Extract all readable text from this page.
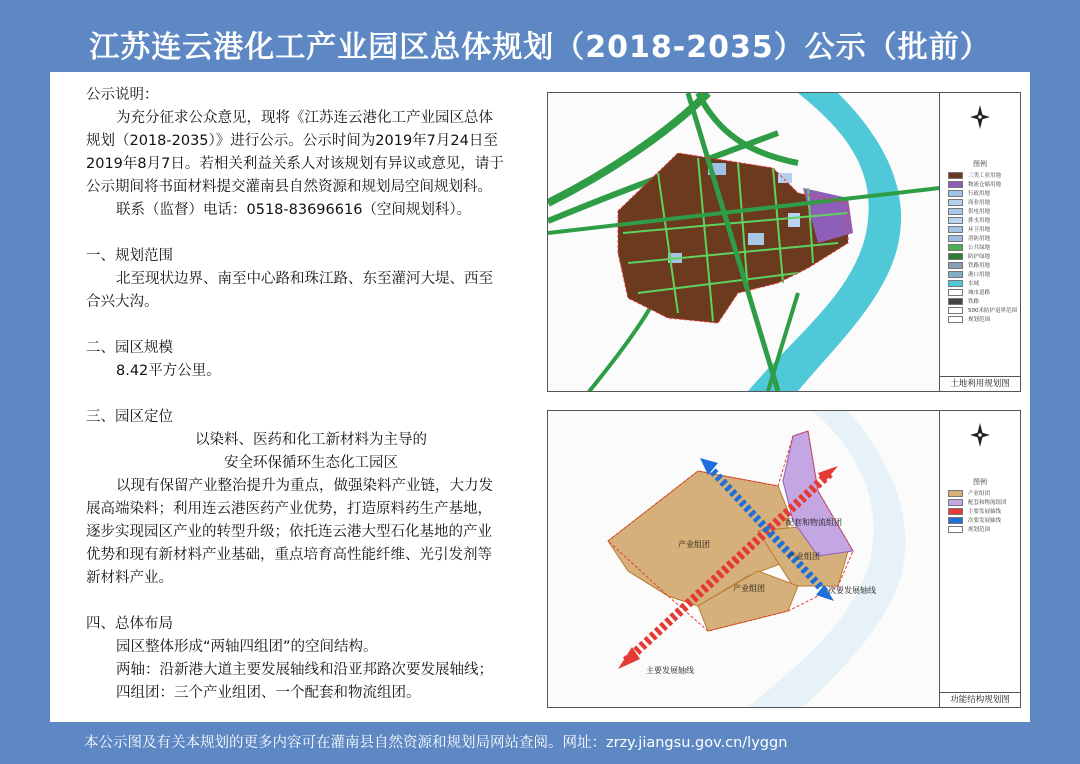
江苏连云港化工产业园区总体规划（2018-2035）公示（批前）

公示说明：

为充分征求公众意见，现将《江苏连云港化工产业园区总体

规划（2018-2035）》进行公示。公示时间为2019年7月24日至

2019年8月7日。若相关利益关系人对该规划有异议或意见，请于

公示期间将书面材料提交灌南县自然资源和规划局空间规划科。

联系（监督）电话：0518-83696616（空间规划科）。

一、规划范围

北至现状边界、南至中心路和珠江路、东至灌河大堤、西至

合兴大沟。

二、园区规模

8.42平方公里。

三、园区定位

以染料、医药和化工新材料为主导的

安全环保循环生态化工园区

以现有保留产业整治提升为重点，做强染料产业链，大力发

展高端染料；利用连云港医药产业优势，打造原料药生产基地，

逐步实现园区产业的转型升级；依托连云港大型石化基地的产业

优势和现有新材料产业基础，重点培育高性能纤维、光引发剂等

新材料产业。

四、总体布局

园区整体形成“两轴四组团”的空间结构。

两轴：沿新港大道主要发展轴线和沿亚邦路次要发展轴线；

四组团：三个产业组团、一个配套和物流组团。

图例
三类工业用地
物流仓储用地
行政用地
商业用地
供电用地
排水用地
环卫用地
消防用地
公共绿地
防护绿地
铁路用地
港口用地
水域
城市道路
铁路
500米防护退界范围
规划范围
土地利用规划图
产业组团
产业组团
产业组团
配套和物流组团
次要发展轴线
主要发展轴线
图例
产业组团
配套和物流组团
主要发展轴线
次要发展轴线
规划范围
功能结构规划图
本公示图及有关本规划的更多内容可在灌南县自然资源和规划局网站查阅。网址：zrzy.jiangsu.gov.cn/lyggn
